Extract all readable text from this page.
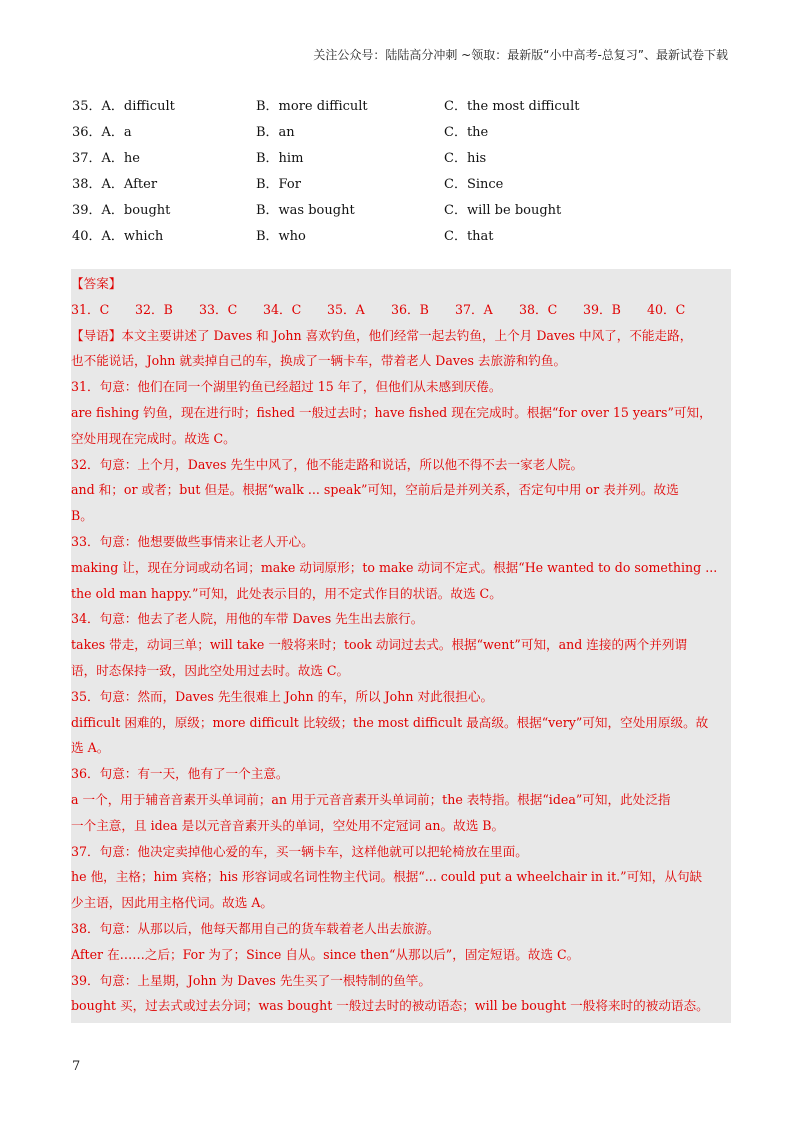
关注公众号：陆陆高分冲刺 ~领取：最新版“小中高考-总复习”、最新试卷下载
35．A．difficult	B．more difficult	C．the most difficult
36．A．a	B．an	C．the
37．A．he	B．him	C．his
38．A．After	B．For	C．Since
39．A．bought	B．was bought	C．will be bought
40．A．which	B．who	C．that
【答案】
31．C	32．B	33．C	34．C	35．A	36．B	37．A	38．C	39．B	40．C
【导语】本文主要讲述了 Daves 和 John 喜欢钓鱼，他们经常一起去钓鱼，上个月 Daves 中风了，不能走路，
也不能说话，John 就卖掉自己的车，换成了一辆卡车，带着老人 Daves 去旅游和钓鱼。
31．句意：他们在同一个湖里钓鱼已经超过 15 年了，但他们从未感到厌倦。
are fishing 钓鱼，现在进行时；fished 一般过去时；have fished 现在完成时。根据“for over 15 years”可知，
空处用现在完成时。故选 C。
32．句意：上个月，Daves 先生中风了，他不能走路和说话，所以他不得不去一家老人院。
and 和；or 或者；but 但是。根据“walk ... speak”可知，空前后是并列关系，否定句中用 or 表并列。故选
B。
33．句意：他想要做些事情来让老人开心。
making 让，现在分词或动名词；make 动词原形；to make 动词不定式。根据“He wanted to do something ...
the old man happy.”可知，此处表示目的，用不定式作目的状语。故选 C。
34．句意：他去了老人院，用他的车带 Daves 先生出去旅行。
takes 带走，动词三单；will take 一般将来时；took 动词过去式。根据“went”可知，and 连接的两个并列谓
语，时态保持一致，因此空处用过去时。故选 C。
35．句意：然而，Daves 先生很难上 John 的车，所以 John 对此很担心。
difficult 困难的，原级；more difficult 比较级；the most difficult 最高级。根据“very”可知，空处用原级。故
选 A。
36．句意：有一天，他有了一个主意。
a 一个，用于辅音音素开头单词前；an 用于元音音素开头单词前；the 表特指。根据“idea”可知，此处泛指
一个主意，且 idea 是以元音音素开头的单词，空处用不定冠词 an。故选 B。
37．句意：他决定卖掉他心爱的车，买一辆卡车，这样他就可以把轮椅放在里面。
he 他，主格；him 宾格；his 形容词或名词性物主代词。根据“... could put a wheelchair in it.”可知，从句缺
少主语，因此用主格代词。故选 A。
38．句意：从那以后，他每天都用自己的货车载着老人出去旅游。
After 在……之后；For 为了；Since 自从。since then“从那以后”，固定短语。故选 C。
39．句意：上星期，John 为 Daves 先生买了一根特制的鱼竿。
bought 买，过去式或过去分词；was bought 一般过去时的被动语态；will be bought 一般将来时的被动语态。
7
